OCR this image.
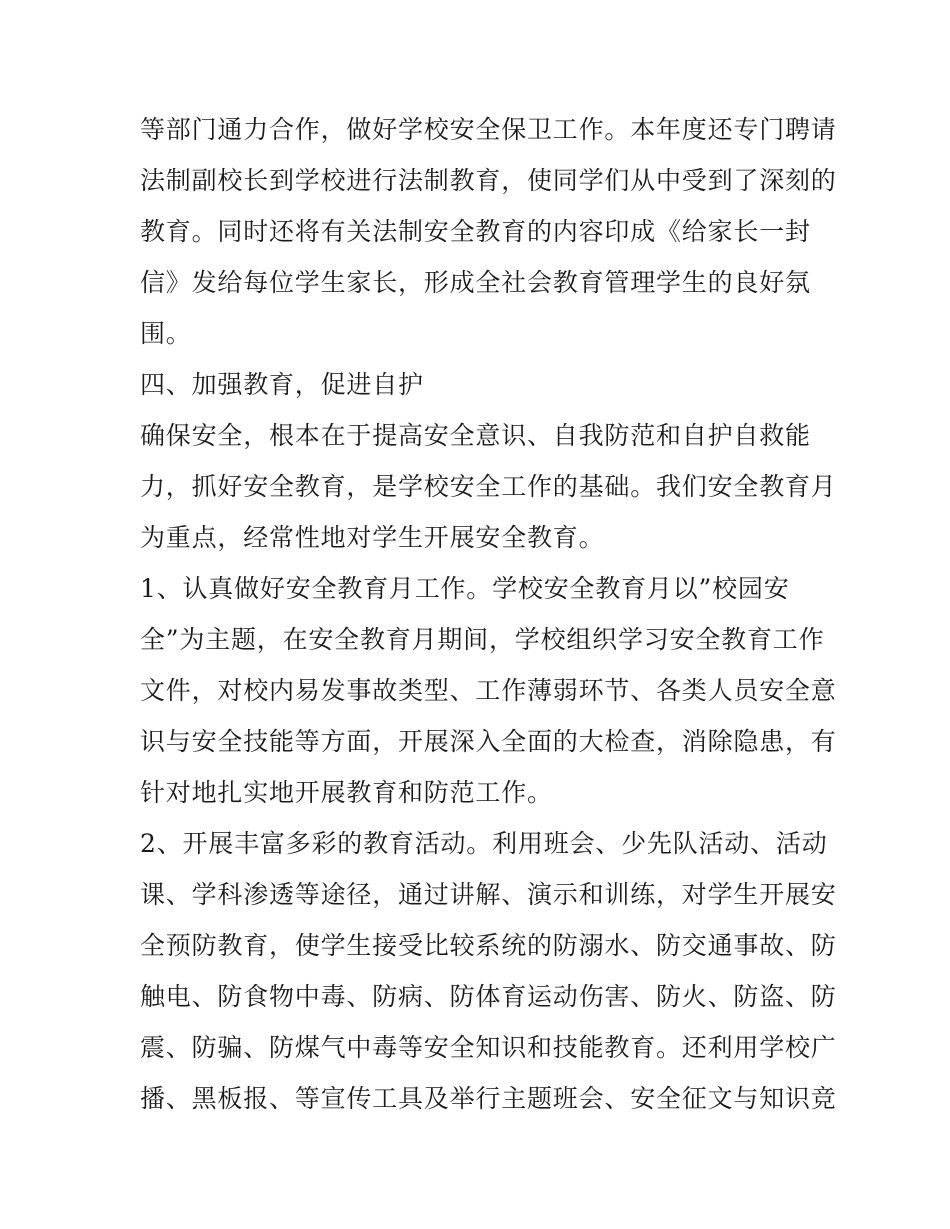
等部门通力合作，做好学校安全保卫工作。本年度还专门聘请
法制副校长到学校进行法制教育，使同学们从中受到了深刻的
教育。同时还将有关法制安全教育的内容印成《给家长一封
信》发给每位学生家长，形成全社会教育管理学生的良好氛
围。
四、加强教育，促进自护
确保安全，根本在于提高安全意识、自我防范和自护自救能
力，抓好安全教育，是学校安全工作的基础。我们安全教育月
为重点，经常性地对学生开展安全教育。
1、认真做好安全教育月工作。学校安全教育月以”校园安
全”为主题，在安全教育月期间，学校组织学习安全教育工作
文件，对校内易发事故类型、工作薄弱环节、各类人员安全意
识与安全技能等方面，开展深入全面的大检查，消除隐患，有
针对地扎实地开展教育和防范工作。
2、开展丰富多彩的教育活动。利用班会、少先队活动、活动
课、学科渗透等途径，通过讲解、演示和训练，对学生开展安
全预防教育，使学生接受比较系统的防溺水、防交通事故、防
触电、防食物中毒、防病、防体育运动伤害、防火、防盗、防
震、防骗、防煤气中毒等安全知识和技能教育。还利用学校广
播、黑板报、等宣传工具及举行主题班会、安全征文与知识竞
